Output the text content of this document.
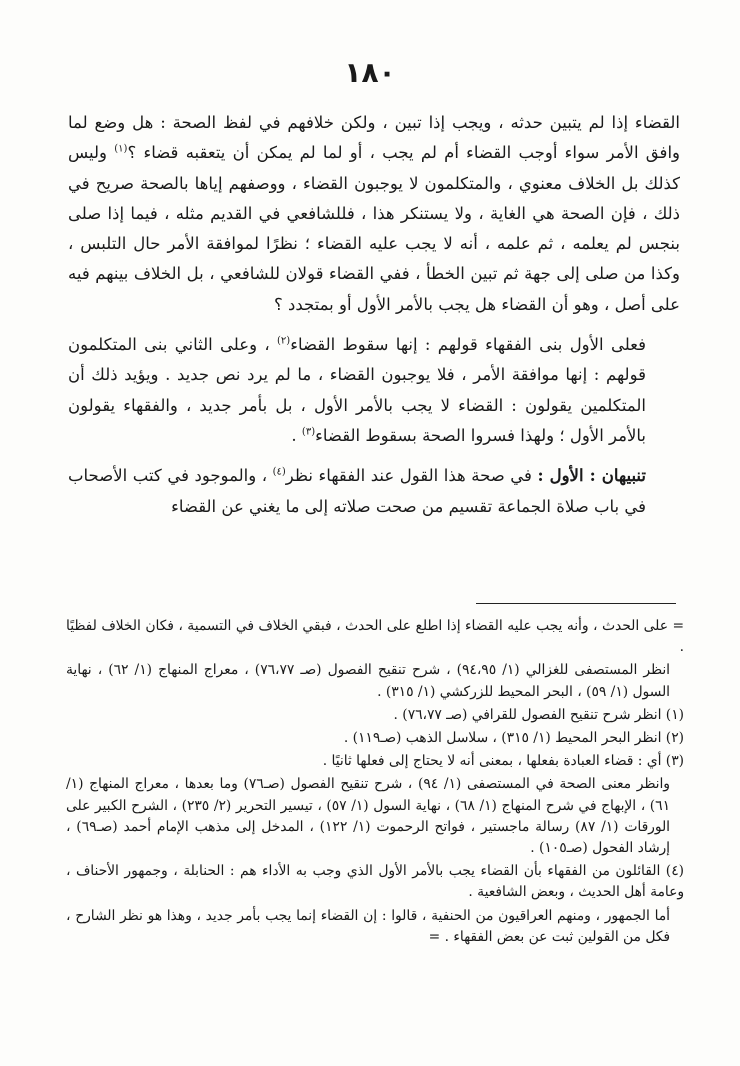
١٨٠

القضاء إذا لم يتبين حدثه ، ويجب إذا تبين ، ولكن خلافهم في لفظ الصحة : هل وضع لما وافق الأمر سواء أوجب القضاء أم لم يجب ، أو لما لم يمكن أن يتعقبه قضاء ؟$^{(١)}$ وليس كذلك بل الخلاف معنوي ، والمتكلمون لا يوجبون القضاء ، ووصفهم إياها بالصحة صريح في ذلك ، فإن الصحة هي الغاية ، ولا يستنكر هذا ، فللشافعي في القديم مثله ، فيما إذا صلى بنجس لم يعلمه ، ثم علمه ، أنه لا يجب عليه القضاء ؛ نظرًا لموافقة الأمر حال التلبس ، وكذا من صلى إلى جهة ثم تبين الخطأ ، ففي القضاء قولان للشافعي ، بل الخلاف بينهم فيه على أصل ، وهو أن القضاء هل يجب بالأمر الأول أو بمتجدد ؟

فعلى الأول بنى الفقهاء قولهم : إنها سقوط القضاء$^{(٢)}$ ، وعلى الثاني بنى المتكلمون قولهم : إنها موافقة الأمر ، فلا يوجبون القضاء ، ما لم يرد نص جديد . ويؤيد ذلك أن المتكلمين يقولون : القضاء لا يجب بالأمر الأول ، بل بأمر جديد ، والفقهاء يقولون بالأمر الأول ؛ ولهذا فسروا الصحة بسقوط القضاء$^{(٣)}$ .

تنبيهان : الأول : في صحة هذا القول عند الفقهاء نظر$^{(٤)}$ ، والموجود في كتب الأصحاب في باب صلاة الجماعة تقسيم من صحت صلاته إلى ما يغني عن القضاء

= على الحدث ، وأنه يجب عليه القضاء إذا اطلع على الحدث ، فبقي الخلاف في التسمية ، فكان الخلاف لفظيًا .

انظر المستصفى للغزالي (١/ ٩٤،٩٥) ، شرح تنقيح الفصول (صـ ٧٦،٧٧) ، معراج المنهاج (١/ ٦٢) ، نهاية السول (١/ ٥٩) ، البحر المحيط للزركشي (١/ ٣١٥) .

(١) انظر شرح تنقيح الفصول للقرافي (صـ ٧٦،٧٧) .

(٢) انظر البحر المحيط (١/ ٣١٥) ، سلاسل الذهب (صـ١١٩) .

(٣) أي : قضاء العبادة بفعلها ، بمعنى أنه لا يحتاج إلى فعلها ثانيًا .

وانظر معنى الصحة في المستصفى (١/ ٩٤) ، شرح تنقيح الفصول (صـ٧٦) وما بعدها ، معراج المنهاج (١/ ٦١) ، الإبهاج في شرح المنهاج (١/ ٦٨) ، نهاية السول (١/ ٥٧) ، تيسير التحرير (٢/ ٢٣٥) ، الشرح الكبير على الورقات (١/ ٨٧) رسالة ماجستير ، فواتح الرحموت (١/ ١٢٢) ، المدخل إلى مذهب الإمام أحمد (صـ٦٩) ، إرشاد الفحول (صـ١٠٥) .

(٤) القائلون من الفقهاء بأن القضاء يجب بالأمر الأول الذي وجب به الأداء هم : الحنابلة ، وجمهور الأحناف ، وعامة أهل الحديث ، وبعض الشافعية .

أما الجمهور ، ومنهم العراقيون من الحنفية ، قالوا : إن القضاء إنما يجب بأمر جديد ، وهذا هو نظر الشارح ، فكل من القولين ثبت عن بعض الفقهاء . =
